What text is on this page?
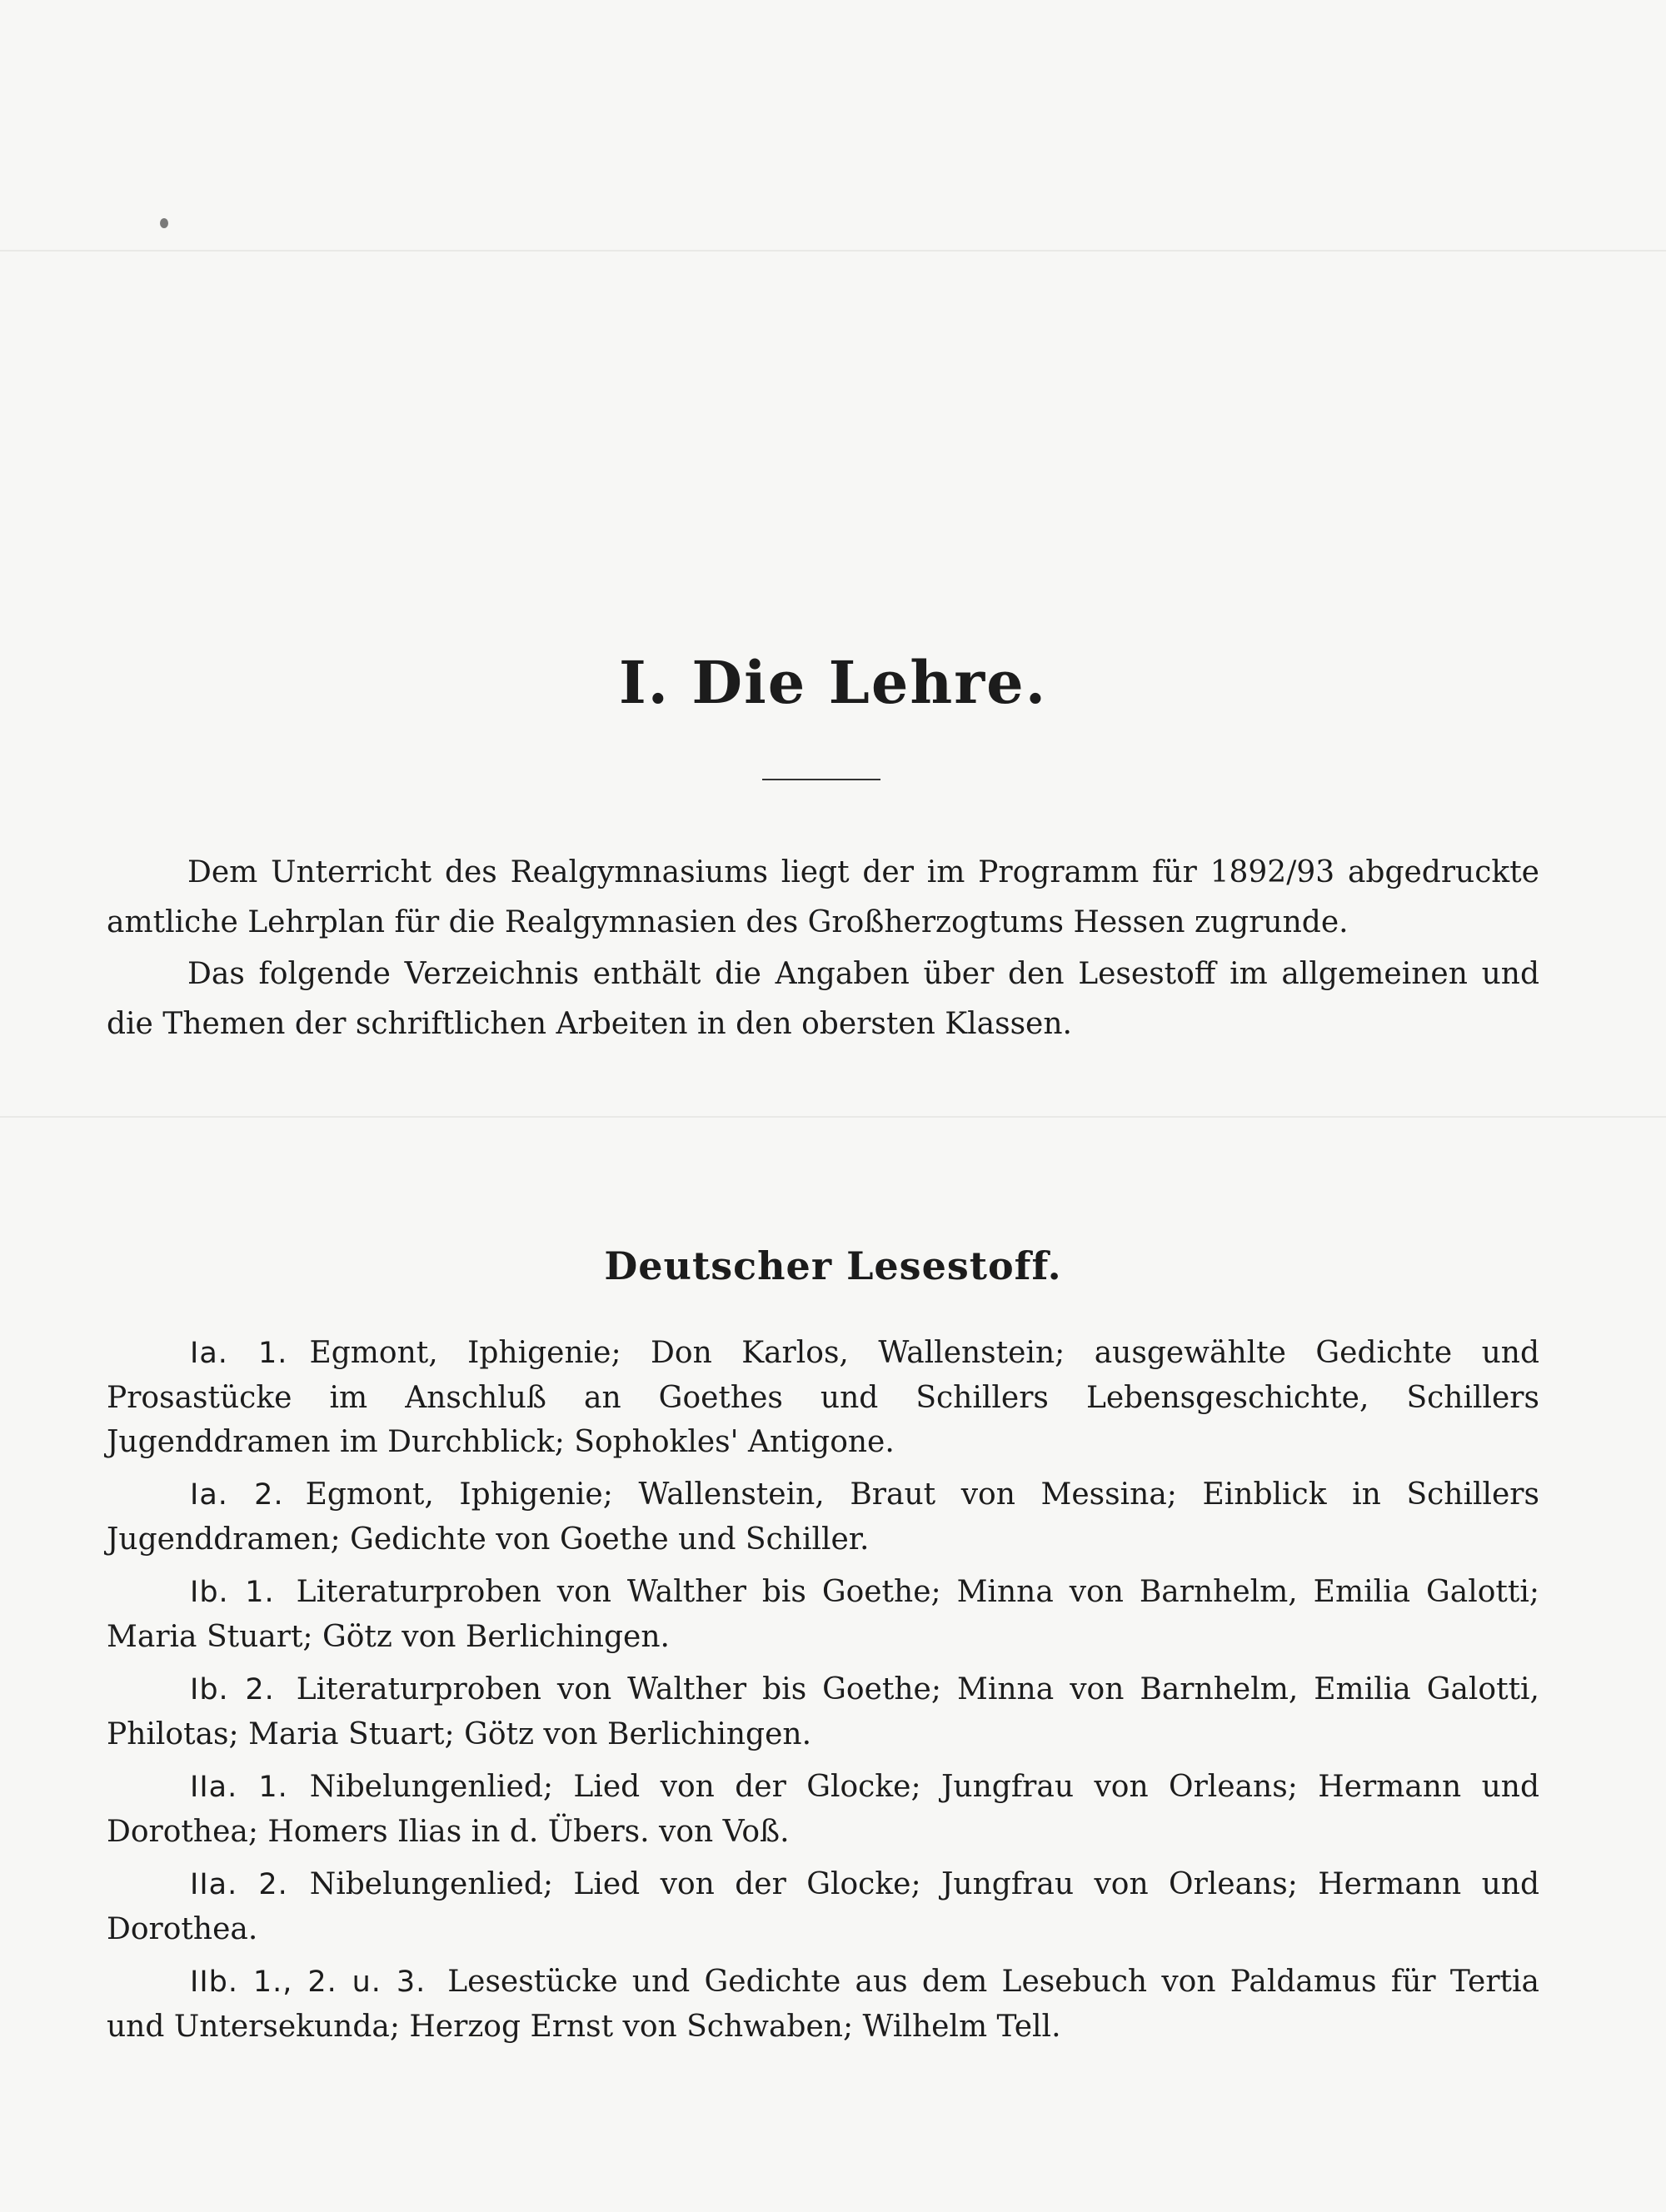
I. Die Lehre.

Dem Unterricht des Realgymnasiums liegt der im Programm für 1892/93 abgedruckte amtliche Lehrplan für die Realgymnasien des Großherzogtums Hessen zugrunde.

Das folgende Verzeichnis enthält die Angaben über den Lesestoff im allgemeinen und die Themen der schriftlichen Arbeiten in den obersten Klassen.

Deutscher Lesestoff.

Ia. 1. Egmont, Iphigenie; Don Karlos, Wallenstein; ausgewählte Gedichte und Prosastücke im Anschluß an Goethes und Schillers Lebensgeschichte, Schillers Jugenddramen im Durchblick; Sophokles' Antigone.

Ia. 2. Egmont, Iphigenie; Wallenstein, Braut von Messina; Einblick in Schillers Jugenddramen; Gedichte von Goethe und Schiller.

Ib. 1. Literaturproben von Walther bis Goethe; Minna von Barnhelm, Emilia Galotti; Maria Stuart; Götz von Berlichingen.

Ib. 2. Literaturproben von Walther bis Goethe; Minna von Barnhelm, Emilia Galotti, Philotas; Maria Stuart; Götz von Berlichingen.

IIa. 1. Nibelungenlied; Lied von der Glocke; Jungfrau von Orleans; Hermann und Dorothea; Homers Ilias in d. Übers. von Voß.

IIa. 2. Nibelungenlied; Lied von der Glocke; Jungfrau von Orleans; Hermann und Dorothea.

IIb. 1., 2. u. 3. Lesestücke und Gedichte aus dem Lesebuch von Paldamus für Tertia und Untersekunda; Herzog Ernst von Schwaben; Wilhelm Tell.
